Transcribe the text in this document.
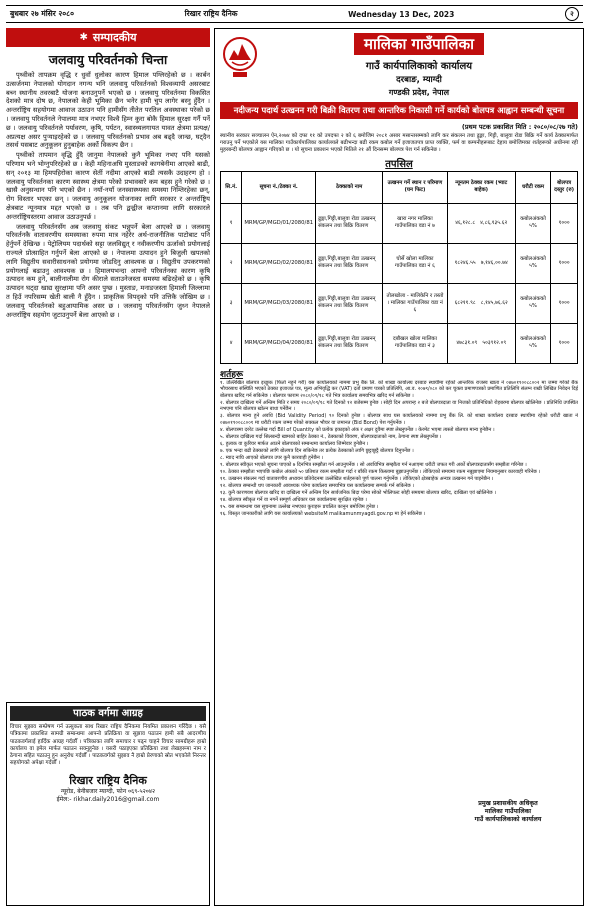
बुधबार २७ मंसिर २०८०	रिखार राष्ट्रिय दैनिक	Wednesday 13 Dec, 2023	२
✱ सम्पादकीय
जलवायु परिवर्तनको चिन्ता

पृथ्वीको तापक्रम वृद्धि र धुवाँ धुलोका कारण हिमाल पग्लिरहेको छ । कार्बन उत्सर्जनमा नेपालको योगदान नगन्य भनि जलवायु परिवर्तनको विश्वव्यापी असरबाट बच्न स्थानीय तवरबाटै योजना बनाउनुपर्ने भएको छ । जलवायु परिवर्तनमा विकसित देशको मात्र दोष छ, नेपालको केही भूमिका छैन भनेर हामी चुप लागेर बस्नु हुँदैन । अन्तर्राष्ट्रिय सहयोगमा आवाज उठाउन पनि हामीसँग तीतेत परतिल अवस्थाका परेको छ । जलवायु परिवर्तनले नेपालमा मात्र नभएर विश्वै हिम्न कुरा बोकै हिमाल सुरक्षा गर्नै पर्ने छ । जलवायु परिवर्तनले पर्यावरण, कृषि, पर्यटन, स्वास्थ्यलगायत यावत क्षेत्रमा प्रत्यक्ष/अप्रत्यक्ष असर पुऱ्याइरहेको छ । जलवायु परिवर्तनको प्रभाव अब बढ्दै जान्छ, घट्दैन तसर्थ यसबाट अनुकूलन हुनुबाहेक अर्को विकल्प छैन ।

पृथ्वीको तापमान वृद्धि हुँदै जानुमा नेपालको कुनै भूमिका नभए पनि यसको परिणाम भने भोग्नुपरिरहेको छ । केही महिनाअघि मुस्ताङको कागबेनीमा आएको बाढी, सन् २०१३ मा हिमपहिरोका कारण सेतीं नदीमा आएको बाढी त्यसकै उदाहरण हो । जलवायु परिवर्तनका कारण स्वास्थ्य क्षेत्रमा परेको प्रभावबारे कम बहस हुने गरेको छ । खासै अनुसन्धान पनि भएको छैन । नयाँ-नयाँ जनस्वास्थ्यका समस्या निम्तिरहेका छन्, रोग विस्तार भएका छन् । जलवायु अनुकूलन योजनाका लागि सरकार र अन्तर्राष्ट्रिय क्षेत्रबाट न्यूनमात्र मद्दत भएको छ । तब पनि द्वन्द्वीज कप्तानमा लागि सरकारले अन्तर्राष्ट्रियस्तरमा आवाज उठाउनुपर्छ ।

जलवायु परिवर्तनसँग अब जलवायु संकट भन्नुपर्ने बेला आएको छ । जलवायु परिवर्तनकै वातावरणीय समस्याका रुपमा मात्र नहेरेर अर्थ-राजनीतिक पाटोबाट पनि हेर्नुपर्ने देखिन्छ । पेट्रोलियम पदार्थको सट्टा जलविद्युत् र नवीकरणीय ऊर्जाको प्रयोगलाई राज्यले प्रोत्साहित गर्नुपर्ने बेला आएको छ । नेपालमा उत्पादन हुने बिजुली खपतको लागि विद्युतीय सवारीसाधनको प्रयोगमा जोडदिनु आवश्यक छ । विद्युतीय उपकरणको प्रयोगलाई बढाउनु आवश्यक छ । हिमालयभन्दा आफ्नो परिवर्तनका कारण कृषि उत्पादन कम हुने, बालीनालीमा रोग कीराले सताउनेजस्ता समस्या बढिरहेको छ । कृषि उत्पादन घट्दा खाद्य सुरक्षामा पनि असर पुग्छ । मुस्ताङ, मनाङजस्ता हिमाली जिल्लामा त हिउँ नपरिसम्म खेती बाली नै हुँदैन । प्राकृतिक विपद्को पनि उत्तिकै जोखिम छ । जलवायु परिवर्तनको बहुआयामिक असर छ । जलवायु परिवर्तनसँग जुध्न नेपालले अन्तर्राष्ट्रिय सहयोग जुटाउनुपर्ने बेला आएको छ ।

पाठक वर्गमा आग्रह
विचार सुझाव सम्प्रेषण गर्न उत्सुकता साथ रिखार राष्ट्रिय दैनिकमा नियमित प्रकाशन गरिँदैछ । यसै पत्रिकामा प्रकाशित सामग्री सम्बन्धमा आफ्नो प्रतिक्रिया वा सुझाव पठाउन हामी सबै आदरणीय पाठकवर्गलाई हार्दिक आग्रह गर्दछौँ । पत्रिकाका लागि समाचार र पढ्न चाहने विचार सामग्रीहरू हाम्रो कार्यालय वा इमेल मार्फत पठाउन सक्नुहुनेछ । यसरी पठाइएका प्रतिक्रिया तथा लेखहरूमा नाम र ठेगाना सहित पठाउनु हुन अनुरोध गर्दछौँ । पाठकवर्गको सुझाव नै हाम्रो प्रेरणाको स्रोत भएकोले निरन्तर सहयोगको अपेक्षा गर्दछौँ ।
रिखार राष्ट्रिय दैनिक
न्यूरोड, बेनीबजार म्याग्दी, फोन ०६९-५२०४२
ईमेल:- rikhar.daily2016@gmail.com
मालिका गाउँपालिका
गाउँ कार्यपालिकाको कार्यालय
दरबाङ, म्याग्दी
गण्डकी प्रदेश, नेपाल
नदीजन्य पदार्थ उत्खनन गरी बिक्री वितरण तथा आन्तरिक निकासी गर्ने कार्यको बोलपत्र आह्वान सम्बन्धी सूचना
(प्रथम पटक प्रकाशित मिति : २०८०/०८/२७ गते)
स्थानीय सरकार सञ्चालन ऐन,२०७४ को दफा ११ को उपदफा २ को ६ बमोजिम २०८१ असार मसान्तसम्मको लागि कर संकलन तथा ढुङ्गा, गिट्टी, बालुवा रोडा बिक्रि गर्ने कार्य ठेक्कामार्फत गराउनु पर्ने भएकोले यस मालिका गाउँकार्यपालिका कार्यालयले बढीभन्दा बढी रकम कबोल गर्ने इजाजतपत्र प्राप्त व्यक्ति, फर्म वा कम्पनीहरूबाट देहाय बमोजिमका शर्तहरूको अधीनमा रही मुहरबन्दी बोलपत्र आह्वान गरिएको छ । यो सूचना प्रकाशन भएको मितिले २१ औं दिनसम्म बोलपत्र पेश गर्न सकिनेछ ।
तपसिल
सि.नं.	सूचना नं./ठेक्का नं.	ठेक्काको नाम	उत्खनन गर्ने स्थान र परिमाण (घन फिट)	न्यूनतम ठेक्का रकम (भ्याट बाहेक)	धरौटी रकम	बोलपत्र दस्तुर (रु)
१	MRM/GP/MGD/01/2080/81	ढुङ्गा,गिट्टी,बालुवा रोडा उत्खनन् संकलन तथा बिक्रि वितरण	खारा नगर मालिका गाउँपालिका वडा नं ७	४६,१२८.८ ४,८६,१३५.६२	कबोलअंकको ५%	१०००
२	MRM/GP/MGD/02/2080/81	ढुङ्गा,गिट्टी,बालुवा रोडा उत्खनन् संकलन तथा बिक्रि वितरण	घोर्से खोला मालिका गाउँपालिका वडा नं ६	१८२४६.५५ ७,१४६,००.७४	कबोलअंकको ५%	१०००
३	MRM/GP/MGD/03/2080/81	ढुङ्गा,गिट्टी,बालुवा रोडा उत्खनन् संकलन तथा बिक्रि वितरण	तोलखोला - मालिकेनि र तस्तो । मालिका गाउँपालिका वडा नं ६	६८२११.९८ ८,१४५,७६.६२	कबोलअंकको ५%	१०००
४	MRM/GP/MGD/04/2080/81	ढुङ्गा,गिट्टी,बालुवा रोडा उत्खनन् संकलन तथा बिक्रि वितरण	दबौखल खोला मालिका गाउँपालिका वडा नं ३	४७८३१.०९ ५०३९१२.०९	कबोलअंकको ५%	१०००
शर्तहरू

१. उल्लिखित बोलपत्र इच्छुक (फिर्ता नहुने गरी) यस कार्यालयको नाममा प्रभु बैंक लि. को शाखा कार्यालय दरबाङ स्थायीमा रहेको आन्तरिक राजस्व खाता नं ०४७०१९००८८००२ मा जम्मा गरेको बैंक भौचरसाथ संस्थिति भएको ठेक्का इजाजत पत्र, मूल्य अभिवृद्धि कर (VAT) दर्ता प्रमाण पत्रको प्रतिलिपि, आ.व. २०७९/०८० को कर चुक्ता प्रमाणपत्रको प्रमाणित प्रतिलिपि संलग्न राखी लिखित निवेदन दिई बोलपत्र खरिद गर्न सकिनेछ । बोलपत्र फाराम २०८०/०९/१८ गते भित्र कार्यालय समयभित्र खरिद गर्न सकिनेछ ।

२. बोलपत्र दाखिला गर्ने अन्तिम मिति र समय २०८०/०९/१८ गते दिनको १२ बजेसम्म हुनेछ । सोही दिन अपरान्ह २ बजे बोलपत्रदाता वा निजको प्रतिनिधिको रोहबरमा बोलपत्र खोलिनेछ । प्रतिनिधि उपस्थित नभएमा पनि बोलपत्र खोल्न बाधा पर्नेछैन ।

३. बोलपत्र मान्य हुने अवधि (Bid Validity Period) ९० दिनको हुनेछ । बोलपत्र साथ यस कार्यालयको नाममा प्रभु बैंक लि. को शाखा कार्यालय दरबाङ स्थायीमा रहेको धरौटी खाता नं ०४७०१९००८८००१ मा धरौटी रकम जम्मा गरेको सक्कल भौचर वा जमानत (Bid Bond) पेश गर्नुपर्नेछ ।

४. बोलपत्रमा दररेट उल्लेख गर्दा Bill of Quantity को प्रत्येक इकाइको अंक र अक्षर दुवैमा स्पष्ट लेख्नुपर्नेछ । केरमेट भएमा त्यस्तो बोलपत्र मान्य हुनेछैन ।

५. बोलपत्र दाखिला गर्दा सिलबन्दी खामको बाहिर ठेक्का नं., ठेक्काको विवरण, बोलपत्रदाताको नाम, ठेगाना स्पष्ट लेख्नुपर्नेछ ।

६. हुलाक वा कुरियर मार्फत आउने बोलपत्रको सम्बन्धमा कार्यालय जिम्मेवार हुनेछैन ।

७. एक भन्दा बढी ठेक्काको लागि बोलपत्र दिन सकिनेछ तर प्रत्येक ठेक्काको लागि छुट्टाछुट्टै बोलपत्र दिनुपर्नेछ ।

८. म्याद नाघि आएको बोलपत्र उपर कुनै कारवाही हुनेछैन ।

९. बोलपत्र स्वीकृत भएको सूचना पाएको ७ दिनभित्र सम्झौता गर्न आउनुपर्नेछ । सो अवधिभित्र सम्झौता गर्न नआएमा धरौटी जफत गरी अर्को बोलपत्रदातासँग सम्झौता गरिनेछ ।

१०. ठेक्का सम्झौता भएपछि कबोल अंकको ५० प्रतिशत रकम सम्झौता गर्दा र बाँकी रकम किस्तामा बुझाउनुपर्नेछ । तोकिएको समयमा रकम नबुझाएमा नियमानुसार कारवाही गरिनेछ ।

११. उत्खनन संकलन गर्दा वातावरणीय अध्ययन प्रतिवेदनमा उल्लेखित शर्तहरूको पूर्ण पालना गर्नुपर्नेछ । तोकिएको क्षेत्रबाहेक अन्यत्र उत्खनन गर्न पाइनेछैन ।

१२. बोलपत्र सम्बन्धी थप जानकारी आवश्यक परेमा कार्यालय समयभित्र यस कार्यालयमा सम्पर्क गर्न सकिनेछ ।

१३. कुनै कारणवश बोलपत्र खरिद वा दाखिला गर्ने अन्तिम दिन सार्वजनिक बिदा परेमा सोको भोलिपल्ट सोही समयमा बोलपत्र खरिद, दाखिला एवं खोलिनेछ ।

१४. बोलपत्र स्वीकृत गर्ने वा नगर्ने सम्पूर्ण अधिकार यस कार्यालयमा सुरक्षित रहनेछ ।

१५. यस सम्बन्धमा यस सूचनामा उल्लेख नभएका कुराहरू प्रचलित कानुन बमोजिम हुनेछ ।

१६. विस्तृत जानकारीको लागि यस कार्यालयको websiteM malikamunmyagdi.gov.np मा हेर्न सकिनेछ ।

प्रमुख प्रशासकीय अधिकृत
मालिका गाउँपालिका
गाउँ कार्यपालिकाको कार्यालय
